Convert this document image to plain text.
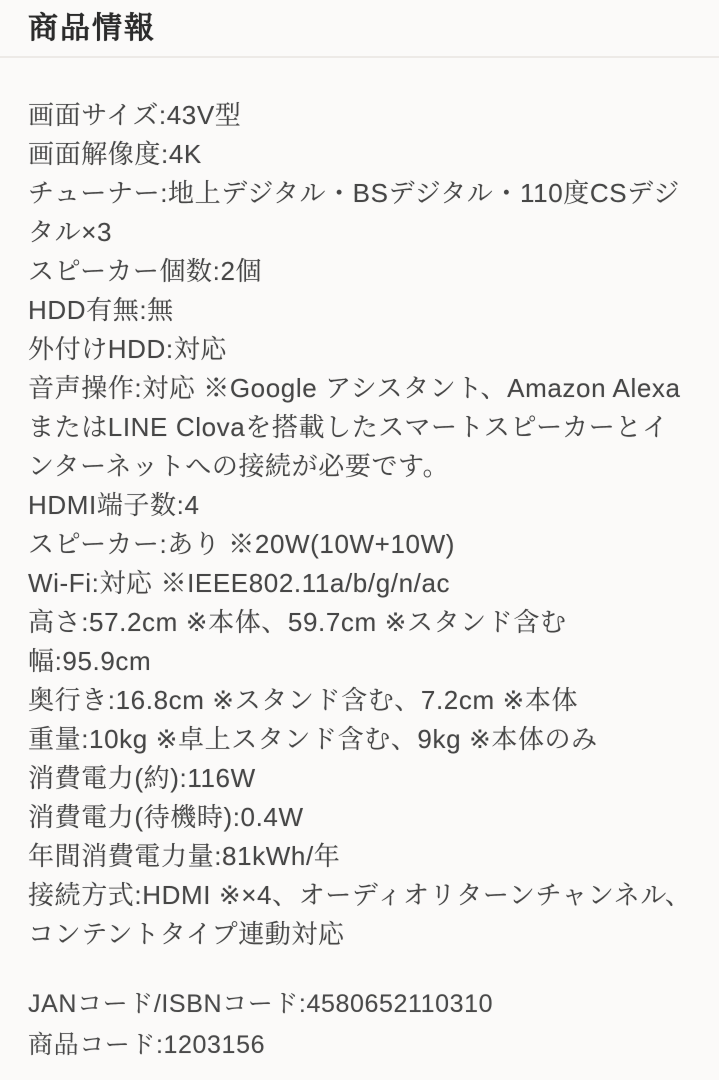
商品情報
画面サイズ:43V型
画面解像度:4K
チューナー:地上デジタル・BSデジタル・110度CSデジタル×3
スピーカー個数:2個
HDD有無:無
外付けHDD:対応
音声操作:対応 ※Google アシスタント、Amazon AlexaまたはLINE Clovaを搭載したスマートスピーカーとインターネットへの接続が必要です。
HDMI端子数:4
スピーカー:あり ※20W(10W+10W)
Wi-Fi:対応 ※IEEE802.11a/b/g/n/ac
高さ:57.2cm ※本体、59.7cm ※スタンド含む
幅:95.9cm
奥行き:16.8cm ※スタンド含む、7.2cm ※本体
重量:10kg ※卓上スタンド含む、9kg ※本体のみ
消費電力(約):116W
消費電力(待機時):0.4W
年間消費電力量:81kWh/年
接続方式:HDMI ※×4、オーディオリターンチャンネル、コンテントタイプ連動対応
JANコード/ISBNコード:4580652110310
商品コード:1203156
